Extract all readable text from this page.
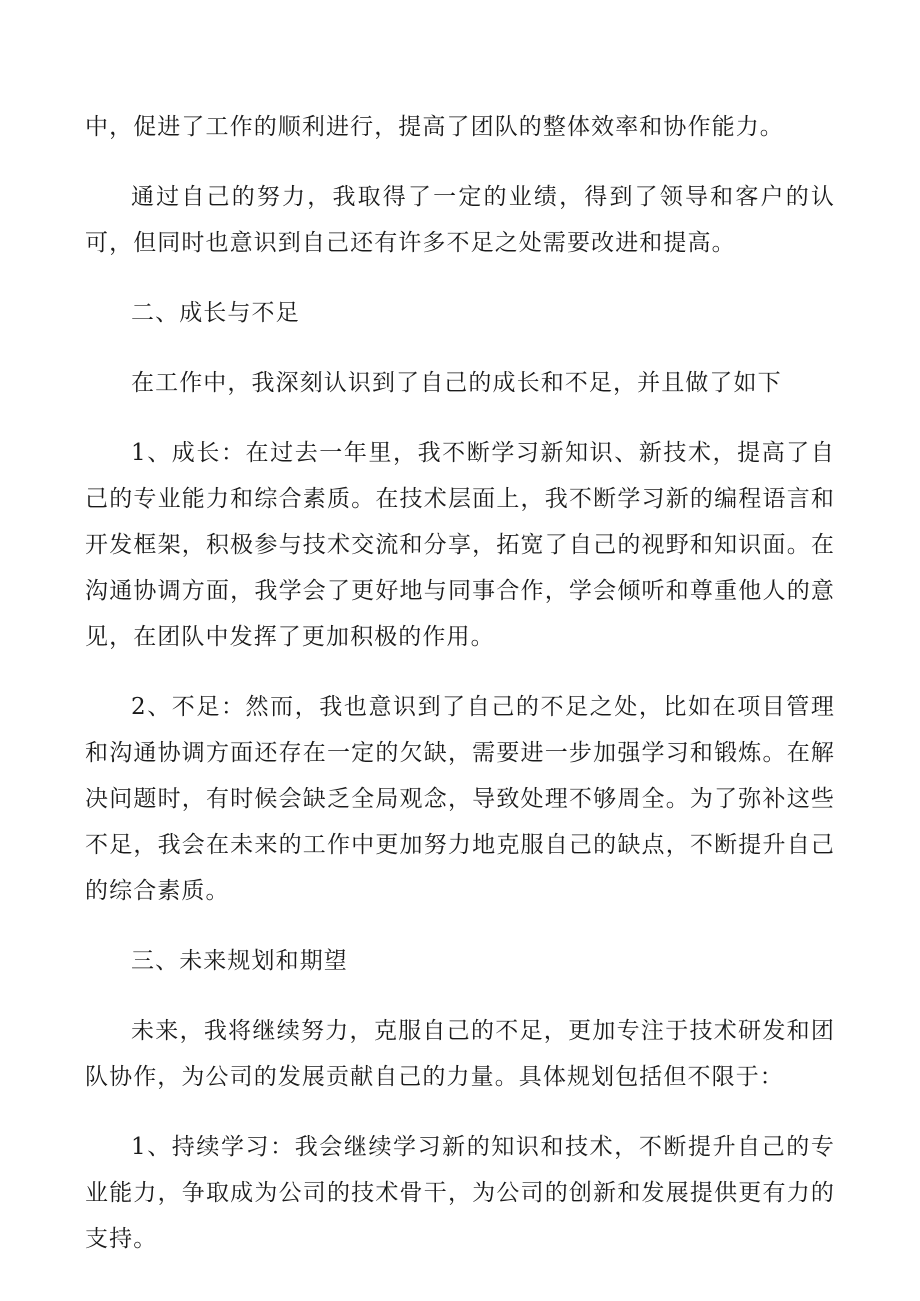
中，促进了工作的顺利进行，提高了团队的整体效率和协作能力。

通过自己的努力，我取得了一定的业绩，得到了领导和客户的认可，但同时也意识到自己还有许多不足之处需要改进和提高。

二、成长与不足

在工作中，我深刻认识到了自己的成长和不足，并且做了如下

1、成长：在过去一年里，我不断学习新知识、新技术，提高了自己的专业能力和综合素质。在技术层面上，我不断学习新的编程语言和开发框架，积极参与技术交流和分享，拓宽了自己的视野和知识面。在沟通协调方面，我学会了更好地与同事合作，学会倾听和尊重他人的意见，在团队中发挥了更加积极的作用。

2、不足：然而，我也意识到了自己的不足之处，比如在项目管理和沟通协调方面还存在一定的欠缺，需要进一步加强学习和锻炼。在解决问题时，有时候会缺乏全局观念，导致处理不够周全。为了弥补这些不足，我会在未来的工作中更加努力地克服自己的缺点，不断提升自己的综合素质。

三、未来规划和期望

未来，我将继续努力，克服自己的不足，更加专注于技术研发和团队协作，为公司的发展贡献自己的力量。具体规划包括但不限于：

1、持续学习：我会继续学习新的知识和技术，不断提升自己的专业能力，争取成为公司的技术骨干，为公司的创新和发展提供更有力的支持。
